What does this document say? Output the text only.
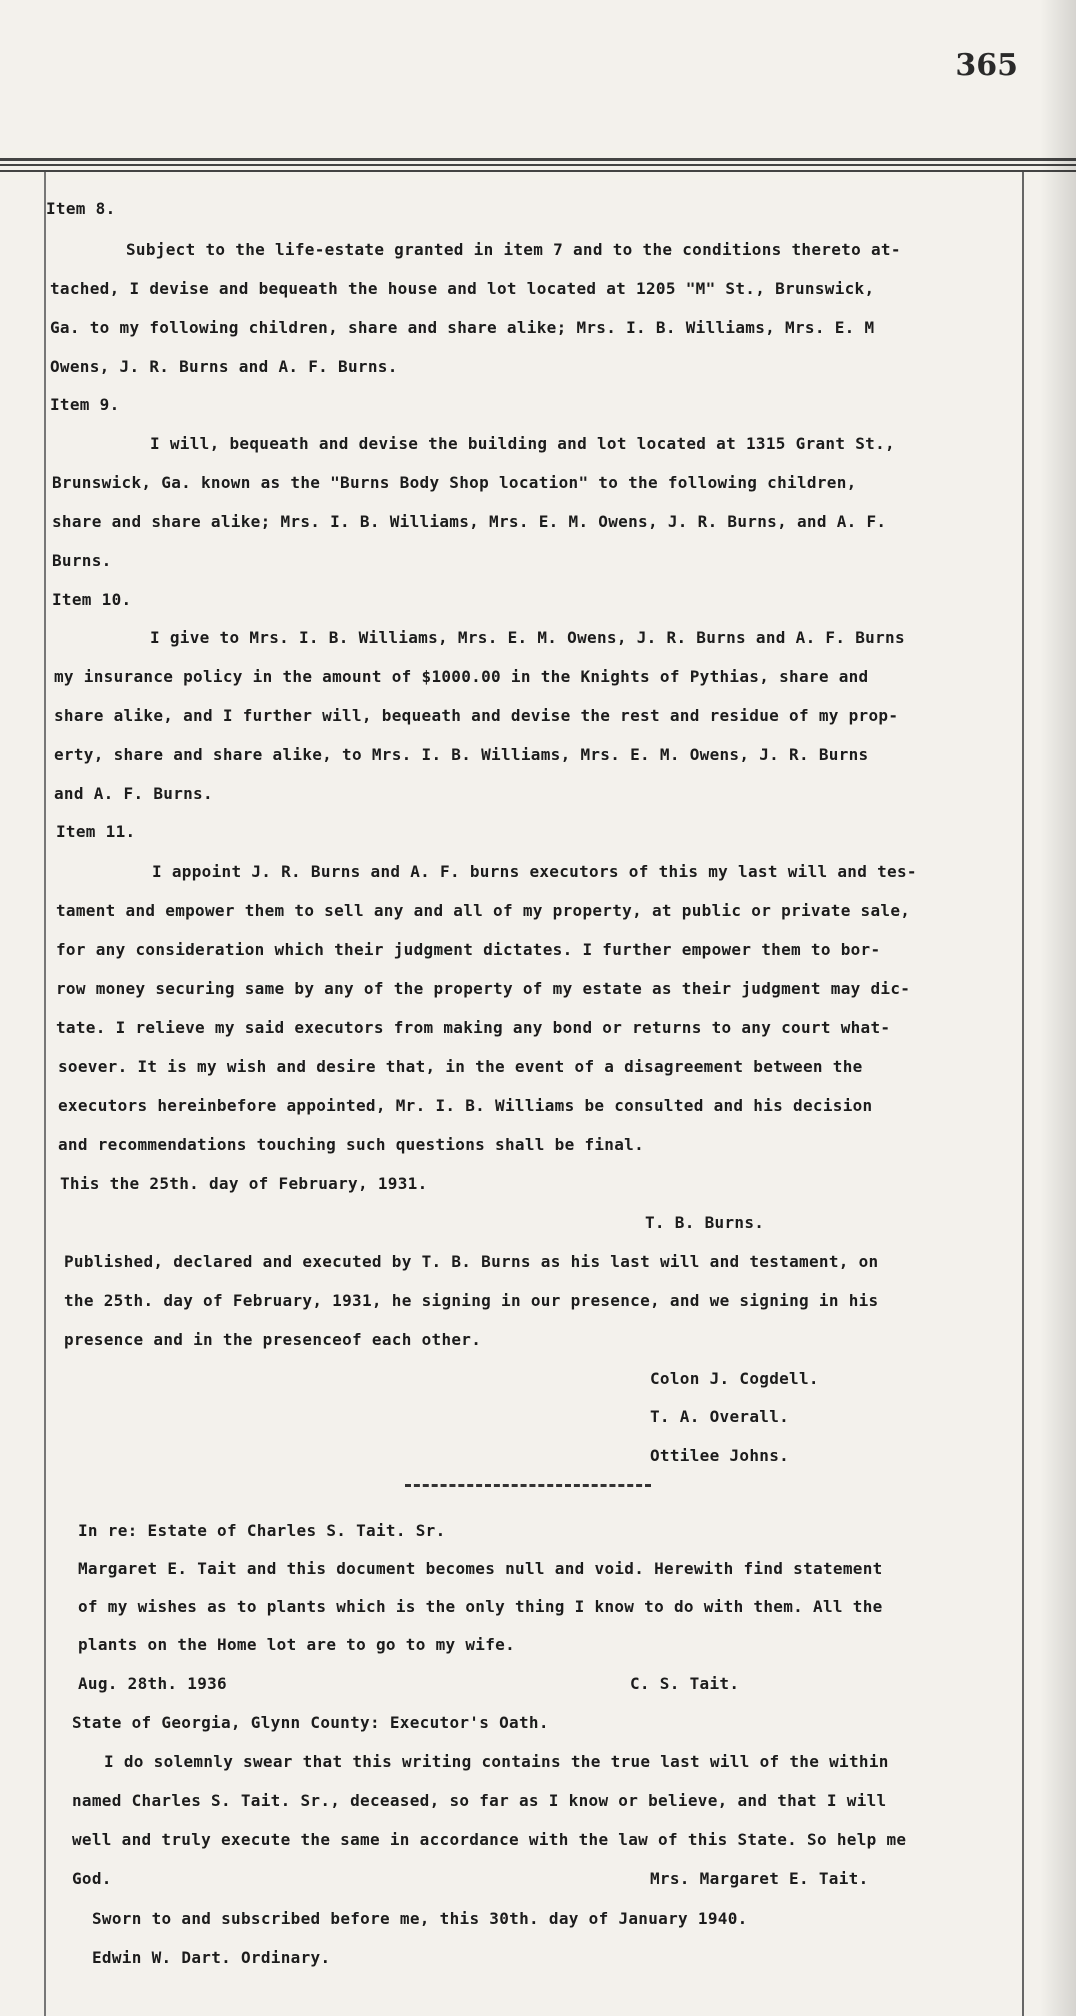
365
Item 8.
Subject to the life-estate granted in item 7 and to the conditions thereto at-
tached, I devise and bequeath the house and lot located at 1205 "M" St., Brunswick,
Ga. to my following children, share and share alike; Mrs. I. B. Williams, Mrs. E. M
Owens, J. R. Burns and A. F. Burns.
Item 9.
I will, bequeath and devise the building and lot located at 1315 Grant St.,
Brunswick, Ga. known as the "Burns Body Shop location" to the following children,
share and share alike; Mrs. I. B. Williams, Mrs. E. M. Owens, J. R. Burns, and A. F.
Burns.
Item 10.
I give to Mrs. I. B. Williams, Mrs. E. M. Owens, J. R. Burns and A. F. Burns
my insurance policy in the amount of $1000.00 in the Knights of Pythias, share and
share alike, and I further will, bequeath and devise the rest and residue of my prop-
erty, share and share alike, to Mrs. I. B. Williams, Mrs. E. M. Owens, J. R. Burns
and A. F. Burns.
Item 11.
I appoint J. R. Burns and A. F. burns executors of this my last will and tes-
tament and empower them to sell any and all of my property, at public or private sale,
for any consideration which their judgment dictates. I further empower them to bor-
row money securing same by any of the property of my estate as their judgment may dic-
tate. I relieve my said executors from making any bond or returns to any court what-
soever. It is my wish and desire that, in the event of a disagreement between the
executors hereinbefore appointed, Mr. I. B. Williams be consulted and his decision
and recommendations touching such questions shall be final.
This the 25th. day of February, 1931.
T. B. Burns.
Published, declared and executed by T. B. Burns as his last will and testament, on
the 25th. day of February, 1931, he signing in our presence, and we signing in his
presence and in the presenceof each other.
Colon J. Cogdell.
T. A. Overall.
Ottilee Johns.
In re: Estate of Charles S. Tait. Sr.
Margaret E. Tait and this document becomes null and void. Herewith find statement
of my wishes as to plants which is the only thing I know to do with them. All the
plants on the Home lot are to go to my wife.
Aug. 28th. 1936	C. S. Tait.
State of Georgia, Glynn County: Executor's Oath.
I do solemnly swear that this writing contains the true last will of the within
named Charles S. Tait. Sr., deceased, so far as I know or believe, and that I will
well and truly execute the same in accordance with the law of this State. So help me
God.	Mrs. Margaret E. Tait.
Sworn to and subscribed before me, this 30th. day of January 1940.
Edwin W. Dart. Ordinary.
